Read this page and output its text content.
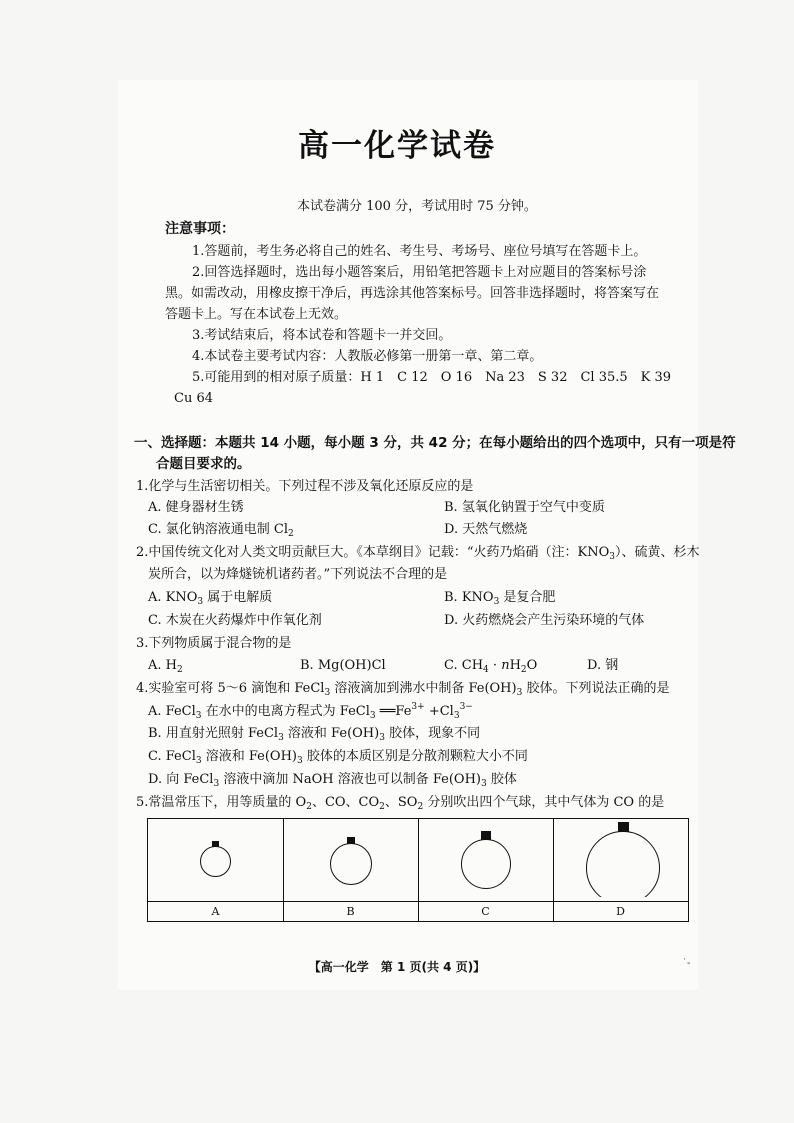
高一化学试卷
本试卷满分 100 分，考试用时 75 分钟。
注意事项：
1.答题前，考生务必将自己的姓名、考生号、考场号、座位号填写在答题卡上。
2.回答选择题时，选出每小题答案后，用铅笔把答题卡上对应题目的答案标号涂
黑。如需改动，用橡皮擦干净后，再选涂其他答案标号。回答非选择题时，将答案写在
答题卡上。写在本试卷上无效。
3.考试结束后，将本试卷和答题卡一并交回。
4.本试卷主要考试内容：人教版必修第一册第一章、第二章。
5.可能用到的相对原子质量：H 1　C 12　O 16　Na 23　S 32　Cl 35.5　K 39
Cu 64
一、选择题：本题共 14 小题，每小题 3 分，共 42 分；在每小题给出的四个选项中，只有一项是符
合题目要求的。
1.化学与生活密切相关。下列过程不涉及氧化还原反应的是
A. 健身器材生锈	B. 氢氧化钠置于空气中变质
C. 氯化钠溶液通电制 $Cl_2$	D. 天然气燃烧
2.中国传统文化对人类文明贡献巨大。《本草纲目》记载：“火药乃焰硝（注：$KNO_3$）、硫黄、杉木
炭所合，以为烽燧铳机诸药者。”下列说法不合理的是
A. $KNO_3$ 属于电解质	B. $KNO_3$ 是复合肥
C. 木炭在火药爆炸中作氧化剂	D. 火药燃烧会产生污染环境的气体
3.下列物质属于混合物的是
A. $H_2$	B. Mg(OH)Cl	C. $CH_4 \cdot nH_2O$	D. 钢
4.实验室可将 5～6 滴饱和 FeCl$_3$ 溶液滴加到沸水中制备 $Fe(OH)_3$ 胶体。下列说法正确的是
A. FeCl$_3$ 在水中的电离方程式为 FeCl$_3$ $══Fe^{3+} +Cl_3^{3-}$
B. 用直射光照射 FeCl$_3$ 溶液和 $Fe(OH)_3$ 胶体，现象不同
C. FeCl$_3$ 溶液和 $Fe(OH)_3$ 胶体的本质区别是分散剂颗粒大小不同
D. 向 FeCl$_3$ 溶液中滴加 NaOH 溶液也可以制备 $Fe(OH)_3$ 胶体
5.常温常压下，用等质量的 $O_2$、CO、$CO_2$、$SO_2$ 分别吹出四个气球，其中气体为 CO 的是
A	B	C	D
【高一化学　第 1 页(共 4 页)】	˙-
